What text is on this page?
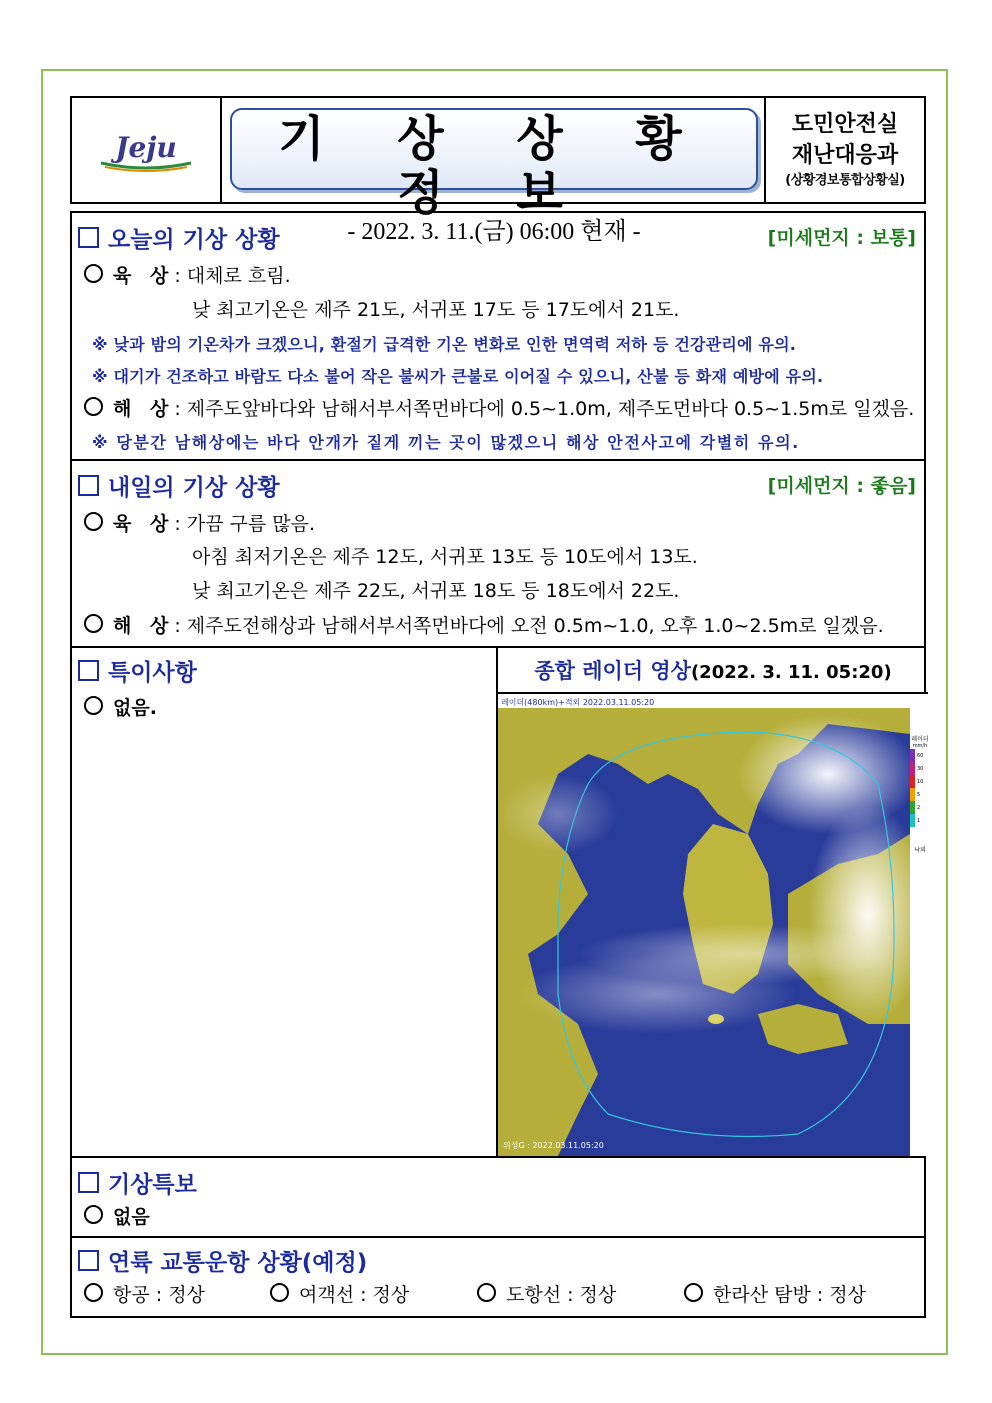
Jeju	기 상 상 황 정 보
- 2022. 3. 11.(금) 06:00 현재 -
도민안전실
재난대응과
(상황경보통합상황실)
오늘의 기상 상황	[미세먼지 : 보통]
육 상: 대체로 흐림.
낮 최고기온은 제주 21도, 서귀포 17도 등 17도에서 21도.
※ 낮과 밤의 기온차가 크겠으니, 환절기 급격한 기온 변화로 인한 면역력 저하 등 건강관리에 유의.
※ 대기가 건조하고 바람도 다소 불어 작은 불씨가 큰불로 이어질 수 있으니, 산불 등 화재 예방에 유의.
해 상: 제주도앞바다와 남해서부서쪽먼바다에 0.5~1.0m, 제주도먼바다 0.5~1.5m로 일겠음.
※ 당분간 남해상에는 바다 안개가 짙게 끼는 곳이 많겠으니 해상 안전사고에 각별히 유의.
내일의 기상 상황	[미세먼지 : 좋음]
육 상: 가끔 구름 많음.
아침 최저기온은 제주 12도, 서귀포 13도 등 10도에서 13도.
낮 최고기온은 제주 22도, 서귀포 18도 등 18도에서 22도.
해 상: 제주도전해상과 남해서부서쪽먼바다에 오전 0.5m~1.0, 오후 1.0~2.5m로 일겠음.
특이사항
없음.
종합 레이더 영상(2022. 3. 11. 05:20)
레이더(480km)+적외 2022.03.11.05:20
위성G : 2022.03.11.05:20
레이더
mm/h
60
30
10
5
2
1
낙뢰
기상특보
없음
연륙 교통운항 상황(예정)
항공 : 정상	여객선 : 정상	도항선 : 정상	한라산 탐방 : 정상
